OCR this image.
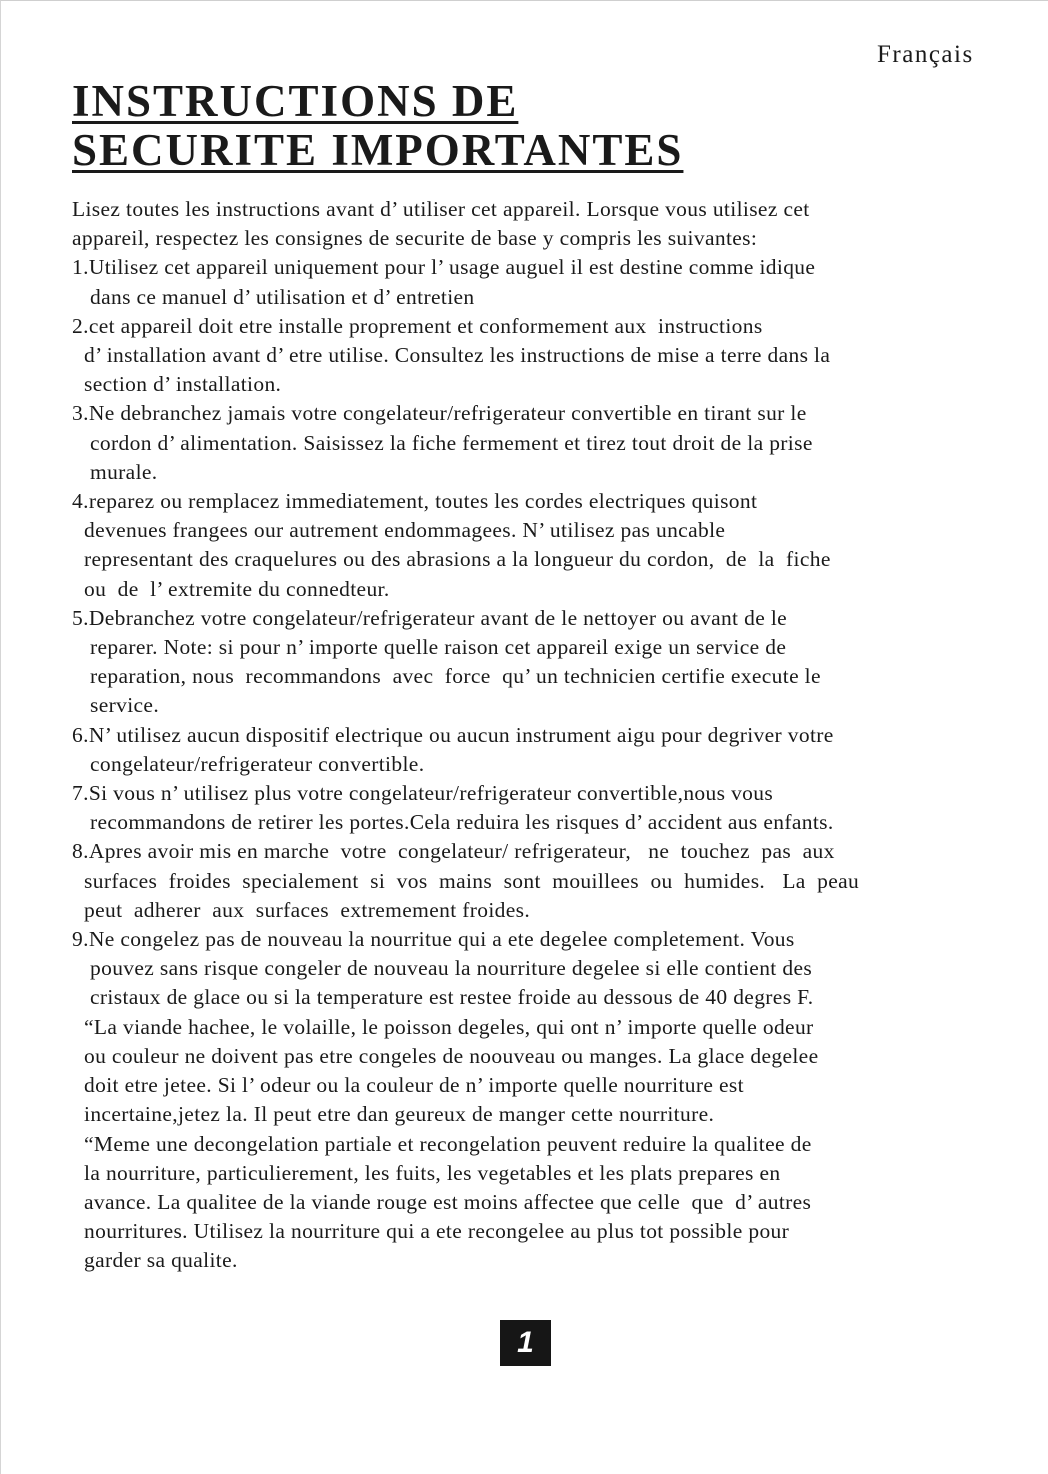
Français
INSTRUCTIONS DE
SECURITE IMPORTANTES
Lisez toutes les instructions avant d’ utiliser cet appareil. Lorsque vous utilisez cet
appareil, respectez les consignes de securite de base y compris les suivantes:
1.Utilisez cet appareil uniquement pour l’ usage auguel il est destine comme idique
dans ce manuel d’ utilisation et d’ entretien
2.cet appareil doit etre installe proprement et conformement aux  instructions
d’ installation avant d’ etre utilise. Consultez les instructions de mise a terre dans la
section d’ installation.
3.Ne debranchez jamais votre congelateur/refrigerateur convertible en tirant sur le
cordon d’ alimentation. Saisissez la fiche fermement et tirez tout droit de la prise
murale.
4.reparez ou remplacez immediatement, toutes les cordes electriques quisont
devenues frangees our autrement endommagees. N’ utilisez pas uncable
representant des craquelures ou des abrasions a la longueur du cordon,  de  la  fiche
ou  de  l’ extremite du connedteur.
5.Debranchez votre congelateur/refrigerateur avant de le nettoyer ou avant de le
reparer. Note: si pour n’ importe quelle raison cet appareil exige un service de
reparation, nous  recommandons  avec  force  qu’ un technicien certifie execute le
service.
6.N’ utilisez aucun dispositif electrique ou aucun instrument aigu pour degriver votre
congelateur/refrigerateur convertible.
7.Si vous n’ utilisez plus votre congelateur/refrigerateur convertible,nous vous
recommandons de retirer les portes.Cela reduira les risques d’ accident aus enfants.
8.Apres avoir mis en marche  votre  congelateur/ refrigerateur,   ne  touchez  pas  aux
surfaces  froides  specialement  si  vos  mains  sont  mouillees  ou  humides.   La  peau
peut  adherer  aux  surfaces  extremement froides.
9.Ne congelez pas de nouveau la nourritue qui a ete degelee completement. Vous
pouvez sans risque congeler de nouveau la nourriture degelee si elle contient des
cristaux de glace ou si la temperature est restee froide au dessous de 40 degres F.
“La viande hachee, le volaille, le poisson degeles, qui ont n’ importe quelle odeur
ou couleur ne doivent pas etre congeles de noouveau ou manges. La glace degelee
doit etre jetee. Si l’ odeur ou la couleur de n’ importe quelle nourriture est
incertaine,jetez la. Il peut etre dan geureux de manger cette nourriture.
“Meme une decongelation partiale et recongelation peuvent reduire la qualitee de
la nourriture, particulierement, les fuits, les vegetables et les plats prepares en
avance. La qualitee de la viande rouge est moins affectee que celle  que  d’ autres
nourritures. Utilisez la nourriture qui a ete recongelee au plus tot possible pour
garder sa qualite.
1
